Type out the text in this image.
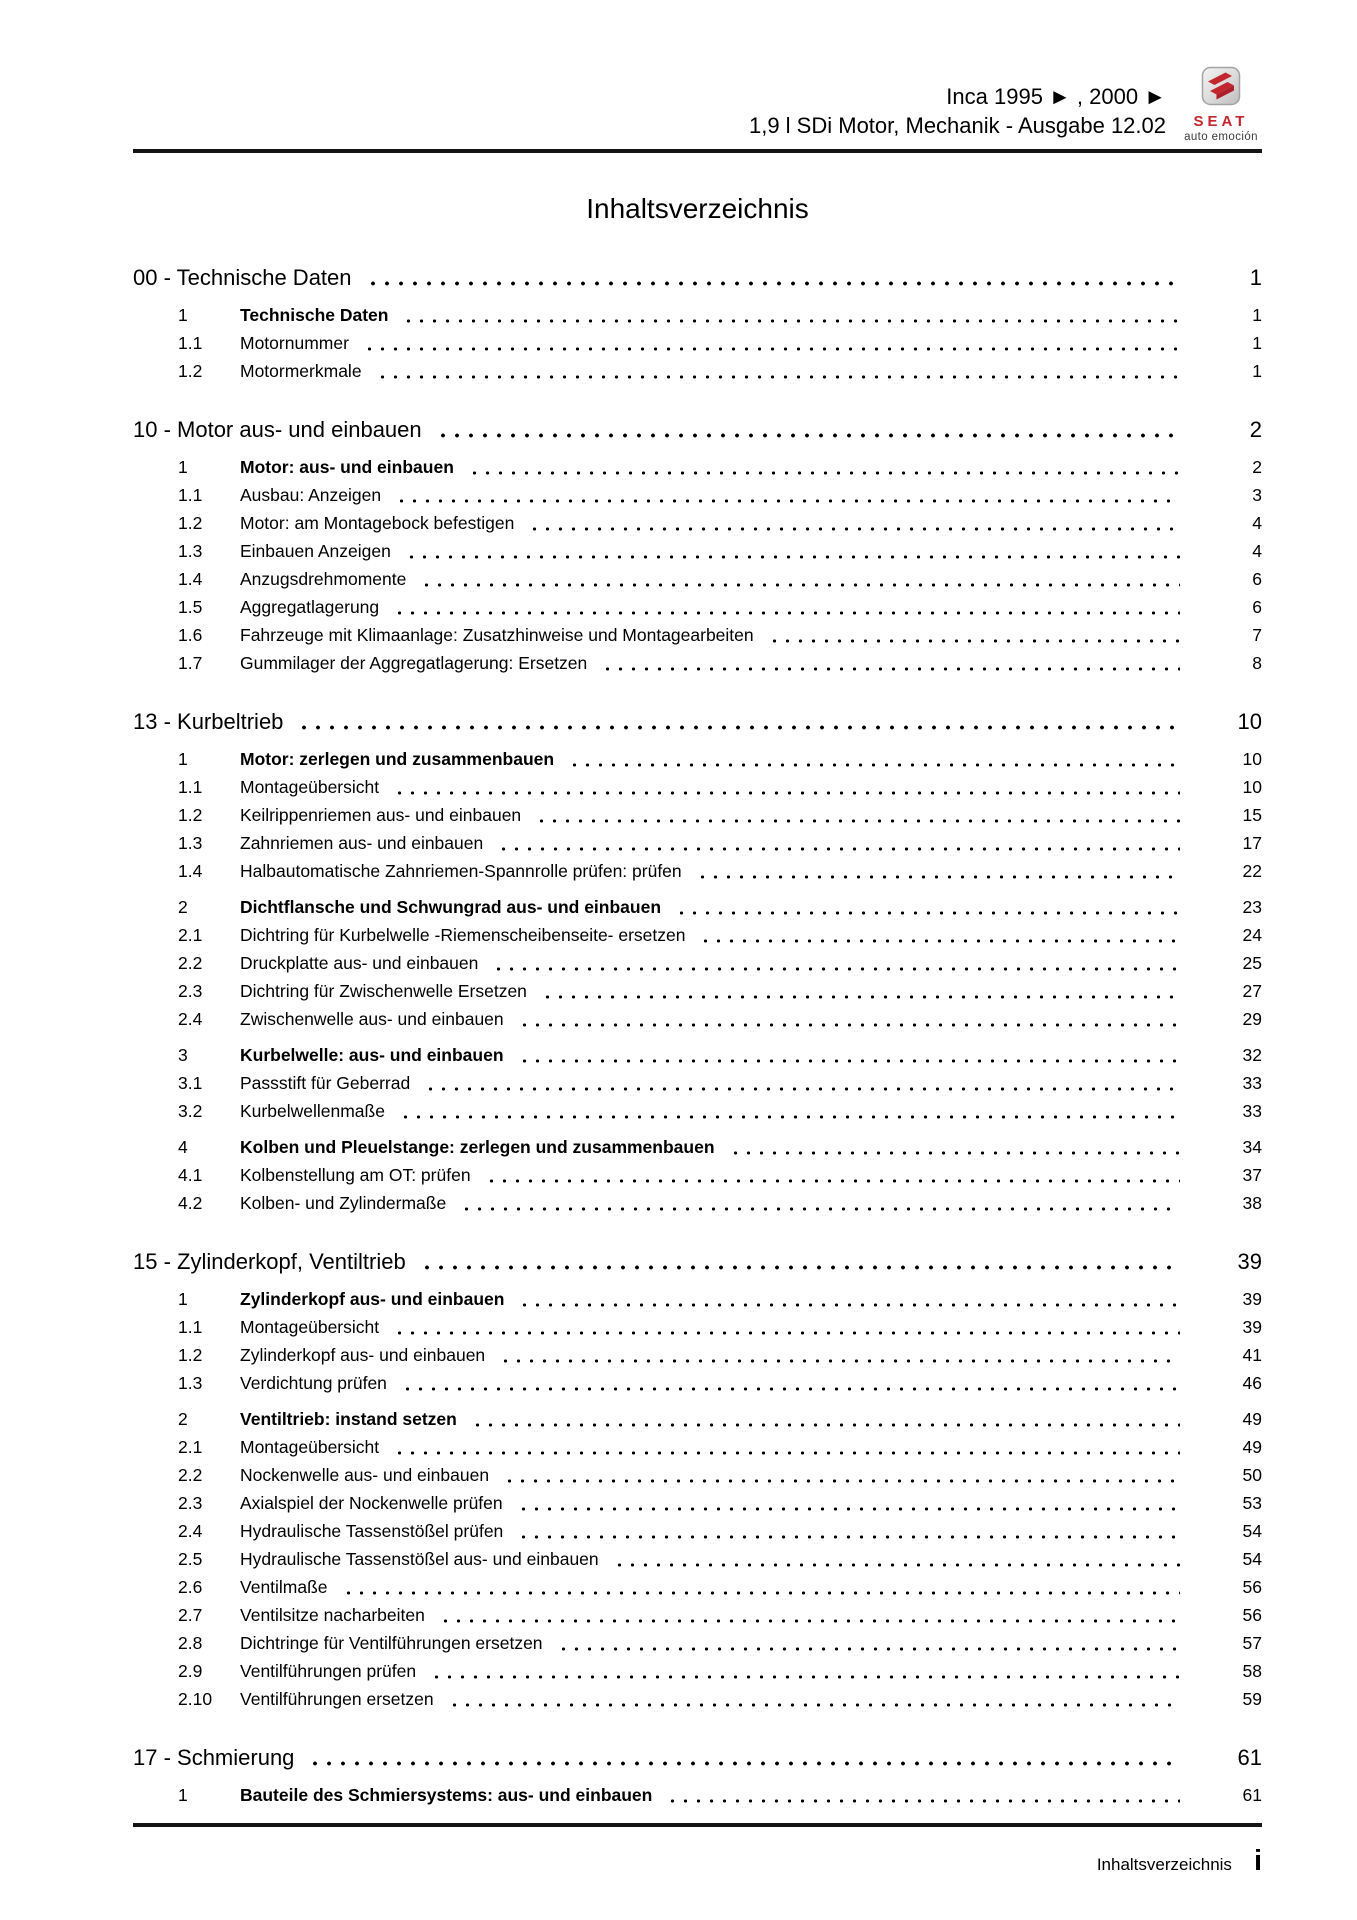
Inca 1995 ► , 2000 ►
1,9 l SDi Motor, Mechanik - Ausgabe 12.02 SEAT
auto emoción
Inhaltsverzeichnis
00 - Technische Daten	1
1	Technische Daten	1
1.1	Motornummer	1
1.2	Motormerkmale	1
10 - Motor aus- und einbauen	2
1	Motor: aus- und einbauen	2
1.1	Ausbau: Anzeigen	3
1.2	Motor: am Montagebock befestigen	4
1.3	Einbauen Anzeigen	4
1.4	Anzugsdrehmomente	6
1.5	Aggregatlagerung	6
1.6	Fahrzeuge mit Klimaanlage: Zusatzhinweise und Montagearbeiten	7
1.7	Gummilager der Aggregatlagerung: Ersetzen	8
13 - Kurbeltrieb	10
1	Motor: zerlegen und zusammenbauen	10
1.1	Montageübersicht	10
1.2	Keilrippenriemen aus- und einbauen	15
1.3	Zahnriemen aus- und einbauen	17
1.4	Halbautomatische Zahnriemen-Spannrolle prüfen: prüfen	22
2	Dichtflansche und Schwungrad aus- und einbauen	23
2.1	Dichtring für Kurbelwelle -Riemenscheibenseite- ersetzen	24
2.2	Druckplatte aus- und einbauen	25
2.3	Dichtring für Zwischenwelle Ersetzen	27
2.4	Zwischenwelle aus- und einbauen	29
3	Kurbelwelle: aus- und einbauen	32
3.1	Passstift für Geberrad	33
3.2	Kurbelwellenmaße	33
4	Kolben und Pleuelstange: zerlegen und zusammenbauen	34
4.1	Kolbenstellung am OT: prüfen	37
4.2	Kolben- und Zylindermaße	38
15 - Zylinderkopf, Ventiltrieb	39
1	Zylinderkopf aus- und einbauen	39
1.1	Montageübersicht	39
1.2	Zylinderkopf aus- und einbauen	41
1.3	Verdichtung prüfen	46
2	Ventiltrieb: instand setzen	49
2.1	Montageübersicht	49
2.2	Nockenwelle aus- und einbauen	50
2.3	Axialspiel der Nockenwelle prüfen	53
2.4	Hydraulische Tassenstößel prüfen	54
2.5	Hydraulische Tassenstößel aus- und einbauen	54
2.6	Ventilmaße	56
2.7	Ventilsitze nacharbeiten	56
2.8	Dichtringe für Ventilführungen ersetzen	57
2.9	Ventilführungen prüfen	58
2.10	Ventilführungen ersetzen	59
17 - Schmierung	61
1	Bauteile des Schmiersystems: aus- und einbauen	61
Inhaltsverzeichnis i
